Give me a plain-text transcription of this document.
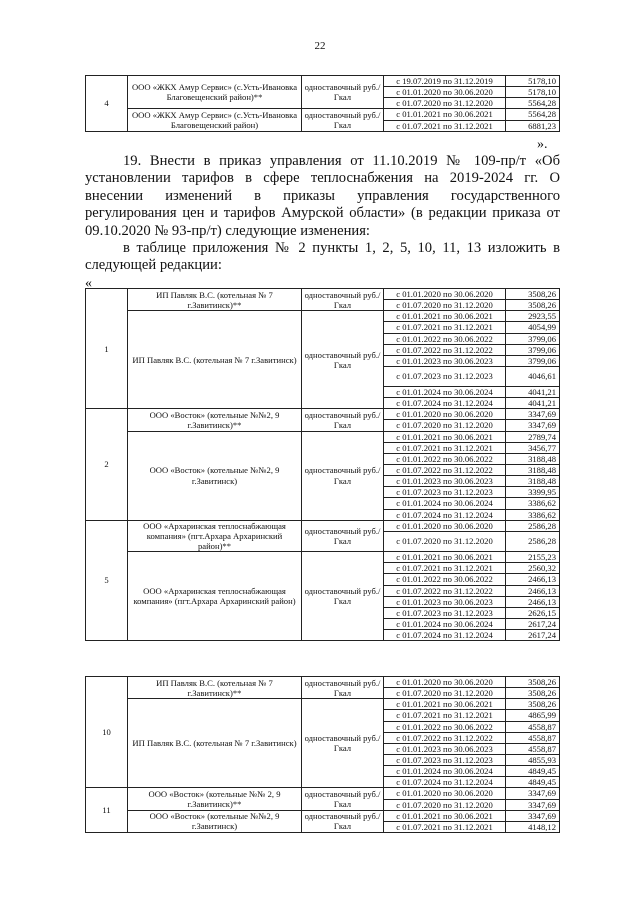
22
4	ООО «ЖКХ Амур Сервис» (с.Усть-Ивановка Благовещенский район)**	одноставочный руб./Гкал	с 19.07.2019 по 31.12.2019	5178,10
			с 01.01.2020 по 30.06.2020	5178,10
			с 01.07.2020 по 31.12.2020	5564,28
	ООО «ЖКХ Амур Сервис» (с.Усть-Ивановка Благовещенский район)	одноставочный руб./Гкал	с 01.01.2021 по 30.06.2021	5564,28
			с 01.07.2021 по 31.12.2021	6881,23
».

19. Внести в приказ управления от 11.10.2019 № 109-пр/т «Об установлении тарифов в сфере теплоснабжения на 2019-2024 гг. О внесении изменений в приказы управления государственного регулирования цен и тарифов Амурской области» (в редакции приказа от 09.10.2020 № 93-пр/т) следующие изменения:

в таблице приложения № 2 пункты 1, 2, 5, 10, 11, 13 изложить в следующей редакции:

«
1	ИП Павляк В.С. (котельная № 7 г.Завитинск)**	одноставочный руб./Гкал	с 01.01.2020 по 30.06.2020	3508,26
			с 01.07.2020 по 31.12.2020	3508,26
	ИП Павляк В.С. (котельная № 7 г.Завитинск)	одноставочный руб./Гкал	с 01.01.2021 по 30.06.2021	2923,55
			с 01.07.2021 по 31.12.2021	4054,99
			с 01.01.2022 по 30.06.2022	3799,06
			с 01.07.2022 по 31.12.2022	3799,06
			с 01.01.2023 по 30.06.2023	3799,06
			с 01.07.2023 по 31.12.2023	4046,61
			с 01.01.2024 по 30.06.2024	4041,21
			с 01.07.2024 по 31.12.2024	4041,21
2	ООО «Восток» (котельные №№2, 9 г.Завитинск)**	одноставочный руб./Гкал	с 01.01.2020 по 30.06.2020	3347,69
			с 01.07.2020 по 31.12.2020	3347,69
	ООО «Восток» (котельные №№2, 9 г.Завитинск)	одноставочный руб./Гкал	с 01.01.2021 по 30.06.2021	2789,74
			с 01.07.2021 по 31.12.2021	3456,77
			с 01.01.2022 по 30.06.2022	3188,48
			с 01.07.2022 по 31.12.2022	3188,48
			с 01.01.2023 по 30.06.2023	3188,48
			с 01.07.2023 по 31.12.2023	3399,95
			с 01.01.2024 по 30.06.2024	3386,62
			с 01.07.2024 по 31.12.2024	3386,62
5	ООО «Архаринская теплоснабжающая компания» (пгт.Архара Архаринский район)**	одноставочный руб./Гкал	с 01.01.2020 по 30.06.2020	2586,28
			с 01.07.2020 по 31.12.2020	2586,28
	ООО «Архаринская теплоснабжающая компания» (пгт.Архара Архаринский район)	одноставочный руб./Гкал	с 01.01.2021 по 30.06.2021	2155,23
			с 01.07.2021 по 31.12.2021	2560,32
			с 01.01.2022 по 30.06.2022	2466,13
			с 01.07.2022 по 31.12.2022	2466,13
			с 01.01.2023 по 30.06.2023	2466,13
			с 01.07.2023 по 31.12.2023	2626,15
			с 01.01.2024 по 30.06.2024	2617,24
			с 01.07.2024 по 31.12.2024	2617,24
10	ИП Павляк В.С. (котельная № 7 г.Завитинск)**	одноставочный руб./Гкал	с 01.01.2020 по 30.06.2020	3508,26
			с 01.07.2020 по 31.12.2020	3508,26
	ИП Павляк В.С. (котельная № 7 г.Завитинск)	одноставочный руб./Гкал	с 01.01.2021 по 30.06.2021	3508,26
			с 01.07.2021 по 31.12.2021	4865,99
			с 01.01.2022 по 30.06.2022	4558,87
			с 01.07.2022 по 31.12.2022	4558,87
			с 01.01.2023 по 30.06.2023	4558,87
			с 01.07.2023 по 31.12.2023	4855,93
			с 01.01.2024 по 30.06.2024	4849,45
			с 01.07.2024 по 31.12.2024	4849,45
11	ООО «Восток» (котельные №№ 2, 9 г.Завитинск)**	одноставочный руб./Гкал	с 01.01.2020 по 30.06.2020	3347,69
			с 01.07.2020 по 31.12.2020	3347,69
	ООО «Восток» (котельные №№2, 9 г.Завитинск)	одноставочный руб./Гкал	с 01.01.2021 по 30.06.2021	3347,69
			с 01.07.2021 по 31.12.2021	4148,12
